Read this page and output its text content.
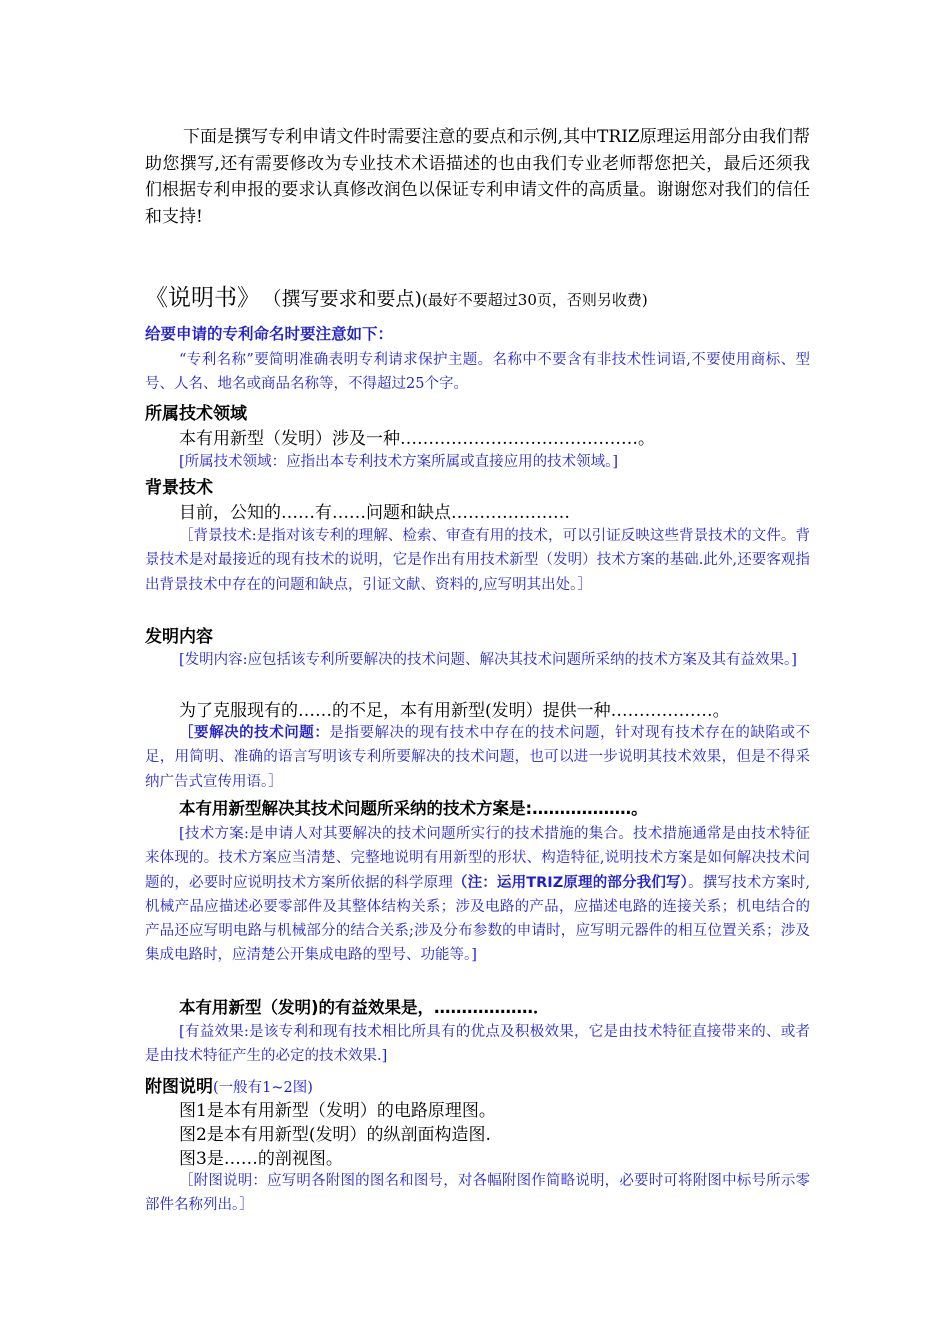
下面是撰写专利申请文件时需要注意的要点和示例,其中TRIZ原理运用部分由我们帮助您撰写,还有需要修改为专业技术术语描述的也由我们专业老师帮您把关，最后还须我们根据专利申报的要求认真修改润色以保证专利申请文件的高质量。谢谢您对我们的信任和支持!

《说明书》 （撰写要求和要点)(最好不要超过30页，否则另收费)
给要申请的专利命名时要注意如下：

“专利名称”要简明准确表明专利请求保护主题。名称中不要含有非技术性词语,不要使用商标、型号、人名、地名或商品名称等，不得超过25个字。

所属技术领域
本有用新型（发明）涉及一种……………………………………。

[所属技术领域：应指出本专利技术方案所属或直接应用的技术领域。]

背景技术
目前，公知的……有……问题和缺点…………………

［背景技术:是指对该专利的理解、检索、审查有用的技术，可以引证反映这些背景技术的文件。背景技术是对最接近的现有技术的说明，它是作出有用技术新型（发明）技术方案的基础.此外,还要客观指出背景技术中存在的问题和缺点，引证文献、资料的,应写明其出处。］

发明内容

[发明内容:应包括该专利所要解决的技术问题、解决其技术问题所采纳的技术方案及其有益效果。]

为了克服现有的……的不足，本有用新型(发明）提供一种………………。

［要解决的技术问题：是指要解决的现有技术中存在的技术问题，针对现有技术存在的缺陷或不足，用简明、准确的语言写明该专利所要解决的技术问题，也可以进一步说明其技术效果，但是不得采纳广告式宣传用语。］

本有用新型解决其技术问题所采纳的技术方案是:………………。

[技术方案:是申请人对其要解决的技术问题所实行的技术措施的集合。技术措施通常是由技术特征来体现的。技术方案应当清楚、完整地说明有用新型的形状、构造特征,说明技术方案是如何解决技术问题的，必要时应说明技术方案所依据的科学原理（注：运用TRIZ原理的部分我们写）。撰写技术方案时,机械产品应描述必要零部件及其整体结构关系；涉及电路的产品，应描述电路的连接关系；机电结合的产品还应写明电路与机械部分的结合关系;涉及分布参数的申请时，应写明元器件的相互位置关系；涉及集成电路时，应清楚公开集成电路的型号、功能等。]

本有用新型（发明)的有益效果是，………………．

[有益效果:是该专利和现有技术相比所具有的优点及积极效果，它是由技术特征直接带来的、或者是由技术特征产生的必定的技术效果.]

附图说明(一般有1~2图)
图1是本有用新型（发明）的电路原理图。
图2是本有用新型(发明）的纵剖面构造图.
图3是……的剖视图。

［附图说明：应写明各附图的图名和图号，对各幅附图作简略说明，必要时可将附图中标号所示零部件名称列出。］
